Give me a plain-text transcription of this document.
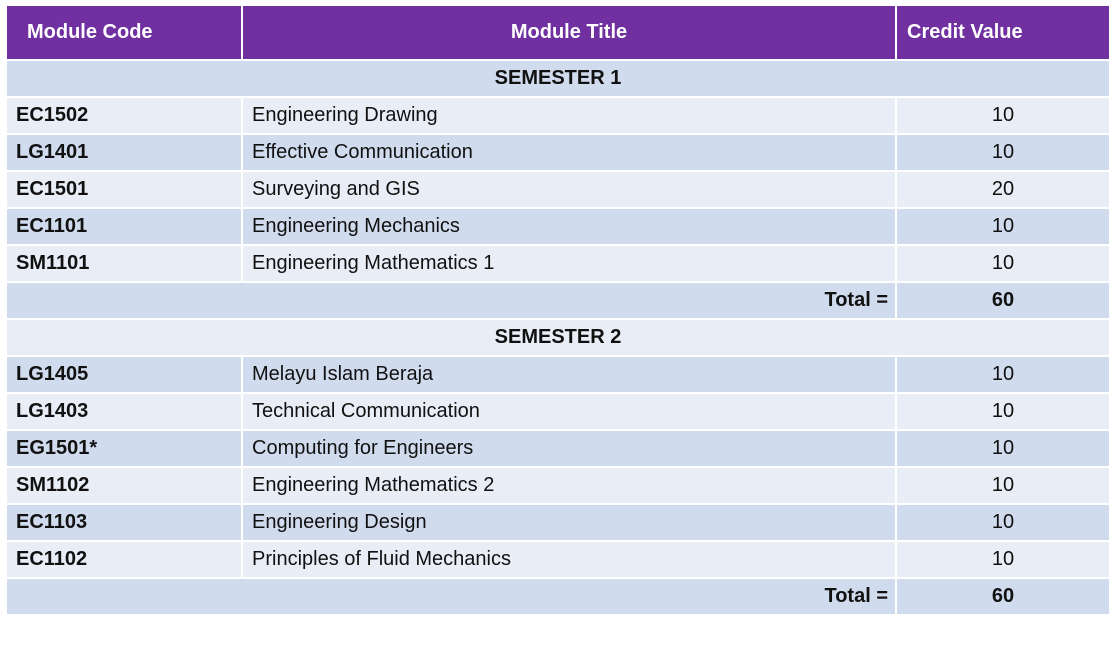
Module Code	Module Title	Credit Value
SEMESTER 1		
EC1502	Engineering Drawing	10
LG1401	Effective Communication	10
EC1501	Surveying and GIS	20
EC1101	Engineering Mechanics	10
SM1101	Engineering Mathematics 1	10
Total =		60
SEMESTER 2		
LG1405	Melayu Islam Beraja	10
LG1403	Technical Communication	10
EG1501*	Computing for Engineers	10
SM1102	Engineering Mathematics 2	10
EC1103	Engineering Design	10
EC1102	Principles of Fluid Mechanics	10
Total =		60
